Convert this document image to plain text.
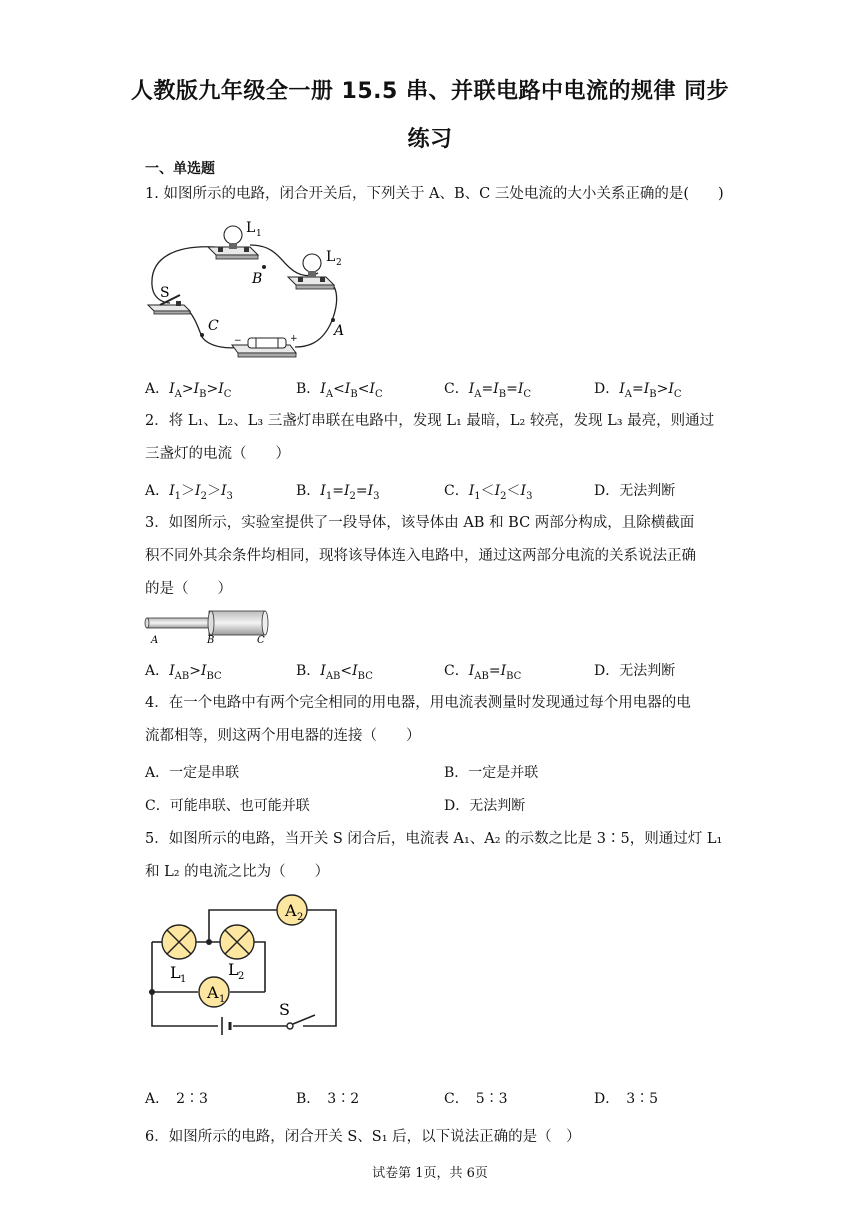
人教版九年级全一册 15.5 串、并联电路中电流的规律 同步
练习
一、单选题
1. 如图所示的电路，闭合开关后，下列关于 A、B、C 三处电流的大小关系正确的是(　　)
L 1
L 2
S
−	+
B
C	A
A．$I_A>I_B>I_C$	B．$I_A<I_B<I_C$	C．$I_A=I_B=I_C$	D．$I_A=I_B>I_C$
2．将 L₁、L₂、L₃ 三盏灯串联在电路中，发现 L₁ 最暗，L₂ 较亮，发现 L₃ 最亮，则通过
三盏灯的电流（　　）
A．$I_1>I_2>I_3$	B．$I_1=I_2=I_3$	C．$I_1<I_2<I_3$	D．无法判断
3．如图所示，实验室提供了一段导体，该导体由 AB 和 BC 两部分构成，且除横截面
积不同外其余条件均相同，现将该导体连入电路中，通过这两部分电流的关系说法正确
的是（　　）
A	B	C
A．$I_{AB}>I_{BC}$	B．$I_{AB}<I_{BC}$	C．$I_{AB}=I_{BC}$	D．无法判断
4．在一个电路中有两个完全相同的用电器，用电流表测量时发现通过每个用电器的电
流都相等，则这两个用电器的连接（　　）
A．一定是串联	B．一定是并联
C．可能串联、也可能并联	D．无法判断
5．如图所示的电路，当开关 S 闭合后，电流表 A₁、A₂ 的示数之比是 3∶5，则通过灯 L₁
和 L₂ 的电流之比为（　　）
A 2
A 1
L 1
L 2
S
A．　2∶3	B．　3∶2	C．　5∶3	D．　3∶5
6．如图所示的电路，闭合开关 S、S₁ 后，以下说法正确的是（　）
试卷第 1页，共 6页
